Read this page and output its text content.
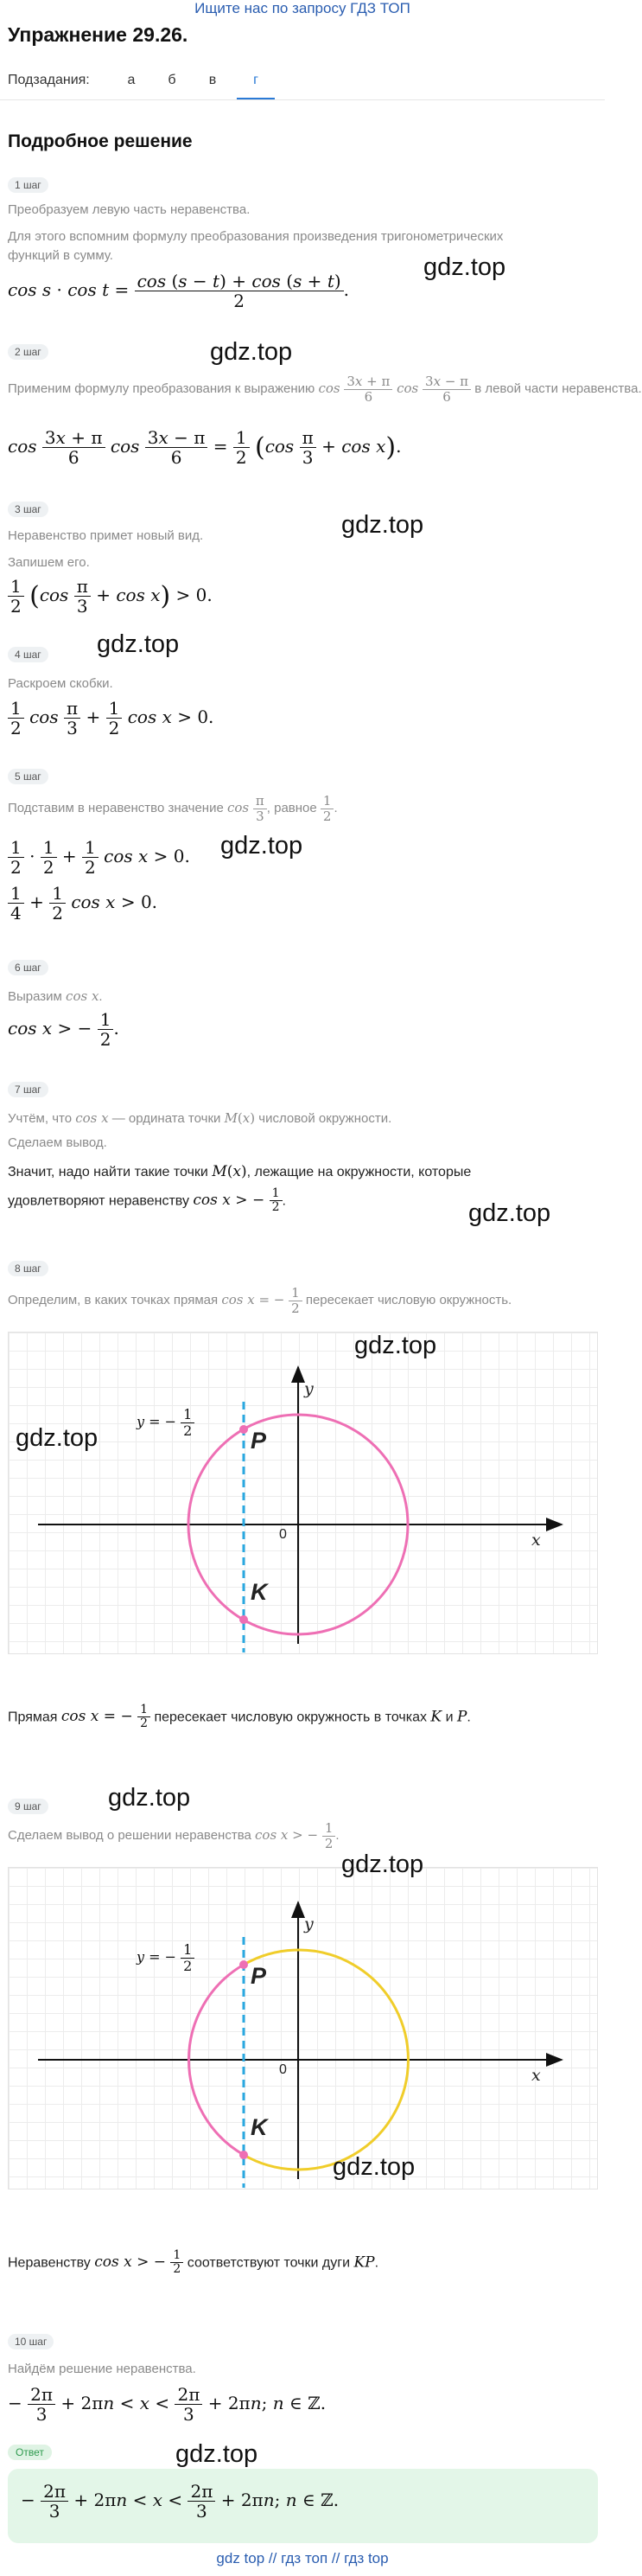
Ищите нас по запросу ГДЗ ТОП
Упражнение 29.26.
Подзадания:	а	б	в	г
Подробное решение
1 шаг
Преобразуем левую часть неравенства.
Для этого вспомним формулу преобразования произведения тригонометрических функций в сумму.
$\cos s \cdot \cos t = \frac{\cos (s - t) + \cos (s + t)}{2}$ .
gdz.top
gdz.top
2 шаг
Применим формулу преобразования к выражению $\cos \frac{3x + \pi}{6}$ $\cos \frac{3x - \pi}{6}$ в левой части неравенства.
$\cos \frac{3x + \pi}{6}$ $\cos \frac{3x - \pi}{6} = \frac{1}{2} (\cos \frac{\pi}{3} + \cos x)$.
gdz.top
3 шаг
Неравенство примет новый вид.
Запишем его.
$\frac{1}{2} (\cos \frac{\pi}{3} + \cos x) > 0$.
gdz.top
4 шаг
Раскроем скобки.
$\frac{1}{2}$ $\cos \frac{\pi}{3} + \frac{1}{2}$ cos x > 0.
5 шаг
Подставим в неравенство значение $\cos \frac{\pi}{3}$ , равное $\frac{1}{2}$ .
gdz.top
$\frac{1}{2} \cdot \frac{1}{2} + \frac{1}{2}$ cos x > 0.
$\frac{1}{4} + \frac{1}{2}$ cos x > 0.
6 шаг
Выразим cos x.
cos x > − $\frac{1}{2}$ .
7 шаг
Учтём, что cos x — ордината точки M(x) числовой окружности.
Сделаем вывод.
Значит, надо найти такие точки M(x), лежащие на окружности, которые
удовлетворяют неравенству cos x > − $\frac{1}{2}$ .	gdz.top
8 шаг
Определим, в каких точках прямая cos x = − $\frac{1}{2}$ пересекает числовую окружность.
y
x
0
P
K
y = − $\frac{1}{2}$
gdz.top
gdz.top
Прямая cos x = − $\frac{1}{2}$ пересекает числовую окружность в точках K и P.
gdz.top
9 шаг
Сделаем вывод о решении неравенства cos x > − $\frac{1}{2}$ .
y
x
0
P
K
y = − $\frac{1}{2}$
gdz.top
gdz.top
Неравенству cos x > − $\frac{1}{2}$ соответствуют точки дуги KP.
10 шаг
Найдём решение неравенства.
− $\frac{2\pi}{3} + 2\pi n < x < \frac{2\pi}{3} + 2\pi n$; n ∈ ℤ.
gdz.top
Ответ
− $\frac{2\pi}{3} + 2\pi n < x < \frac{2\pi}{3} + 2\pi n$; n ∈ ℤ.
gdz top // гдз топ // гдз top
